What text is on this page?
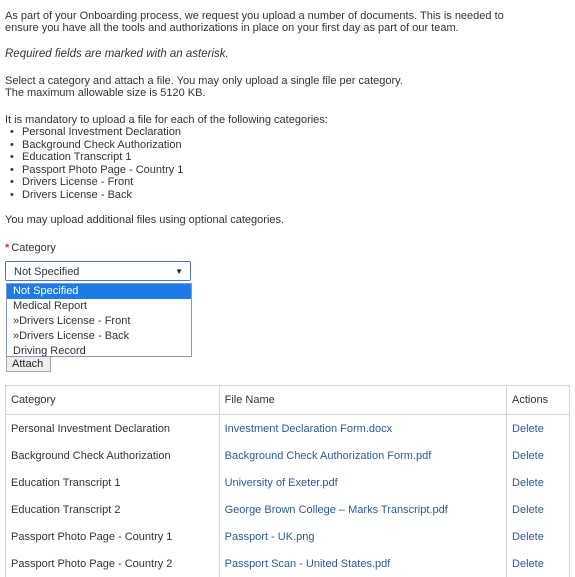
As part of your Onboarding process, we request you upload a number of documents. This is needed to

ensure you have all the tools and authorizations in place on your first day as part of our team.

Required fields are marked with an asterisk.

Select a category and attach a file. You may only upload a single file per category.

The maximum allowable size is 5120 KB.

It is mandatory to upload a file for each of the following categories:

• Personal Investment Declaration
• Background Check Authorization
• Education Transcript 1
• Passport Photo Page - Country 1
• Drivers License - Front
• Drivers License - Back

You may upload additional files using optional categories.

* Category
Not Specified	▼
Not Specified
Medical Report
»Drivers License - Front
»Drivers License - Back
Driving Record
Attach
Category	File Name	Actions
Personal Investment Declaration	Investment Declaration Form.docx	Delete
Background Check Authorization	Background Check Authorization Form.pdf	Delete
Education Transcript 1	University of Exeter.pdf	Delete
Education Transcript 2	George Brown College – Marks Transcript.pdf	Delete
Passport Photo Page - Country 1	Passport - UK.png	Delete
Passport Photo Page - Country 2	Passport Scan - United States.pdf	Delete
